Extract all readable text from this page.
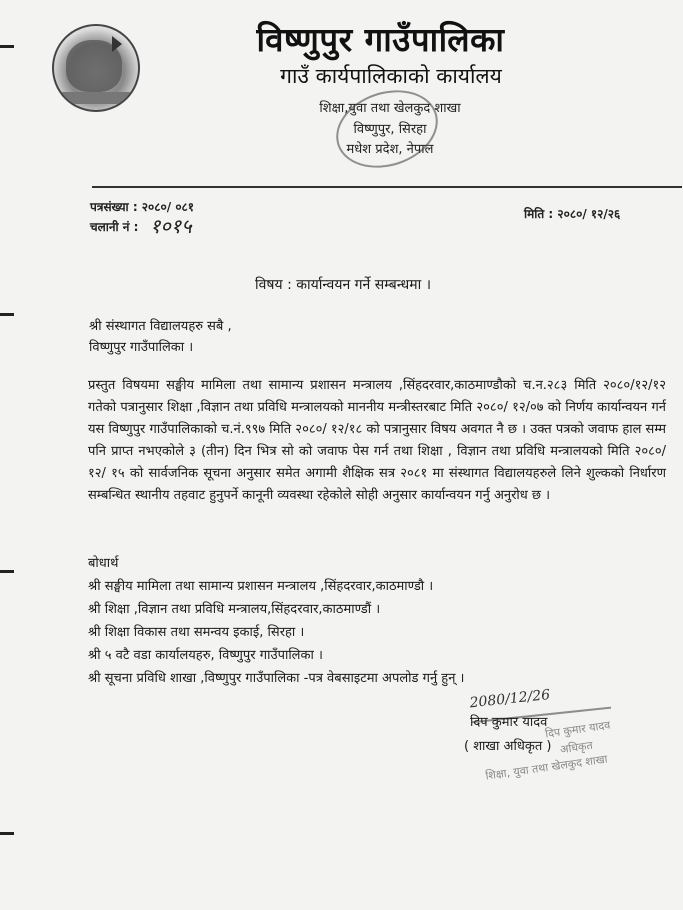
विष्णुपुर गाउँपालिका
गाउँ कार्यपालिकाको कार्यालय
शिक्षा,युवा तथा खेलकुद शाखा
विष्णुपुर, सिरहा
मधेश प्रदेश, नेपाल
पत्रसंख्या : २०८०/ ०८१
चलानी नं : १०१५	मिति : २०८०/ १२/२६
विषय : कार्यान्वयन गर्ने सम्बन्धमा ।
श्री संस्थागत विद्यालयहरु सबै ,
विष्णुपुर गाउँपालिका ।
प्रस्तुत विषयमा सङ्घीय मामिला तथा सामान्य प्रशासन मन्त्रालय ,सिंहदरवार,काठमाण्डौको च.न.२८३ मिति २०८०/१२/१२ गतेको पत्रानुसार शिक्षा ,विज्ञान तथा प्रविधि मन्त्रालयको माननीय मन्त्रीस्तरबाट मिति २०८०/ १२/०७ को निर्णय कार्यान्वयन गर्न यस विष्णुपुर गाउँपालिकाको च.नं.९९७ मिति २०८०/ १२/१८ को पत्रानुसार विषय अवगत नै छ । उक्त पत्रको जवाफ हाल सम्म पनि प्राप्त नभएकोले ३ (तीन) दिन भित्र सो को जवाफ पेस गर्न तथा शिक्षा , विज्ञान तथा प्रविधि मन्त्रालयको मिति २०८०/ १२/ १५ को सार्वजनिक सूचना अनुसार समेत अगामी शैक्षिक सत्र २०८१ मा संस्थागत विद्यालयहरुले लिने शुल्कको निर्धारण सम्बन्धित स्थानीय तहवाट हुनुपर्ने कानूनी व्यवस्था रहेकोले सोही अनुसार कार्यान्वयन गर्नु अनुरोध छ ।
बोधार्थ
श्री सङ्घीय मामिला तथा सामान्य प्रशासन मन्त्रालय ,सिंहदरवार,काठमाण्डौ ।
श्री शिक्षा ,विज्ञान तथा प्रविधि मन्त्रालय,सिंहदरवार,काठमाण्डौं ।
श्री शिक्षा विकास तथा समन्वय इकाई, सिरहा ।
श्री ५ वटै वडा कार्यालयहरु, विष्णुपुर गाउँपालिका ।
श्री सूचना प्रविधि शाखा ,विष्णुपुर गाउँपालिका -पत्र वेबसाइटमा अपलोड गर्नु हुन् ।
2080/12/26
दिप कुमार यादव
( शाखा अधिकृत )
दिप कुमार यादव
अधिकृत
शिक्षा, युवा तथा खेलकुद शाखा
